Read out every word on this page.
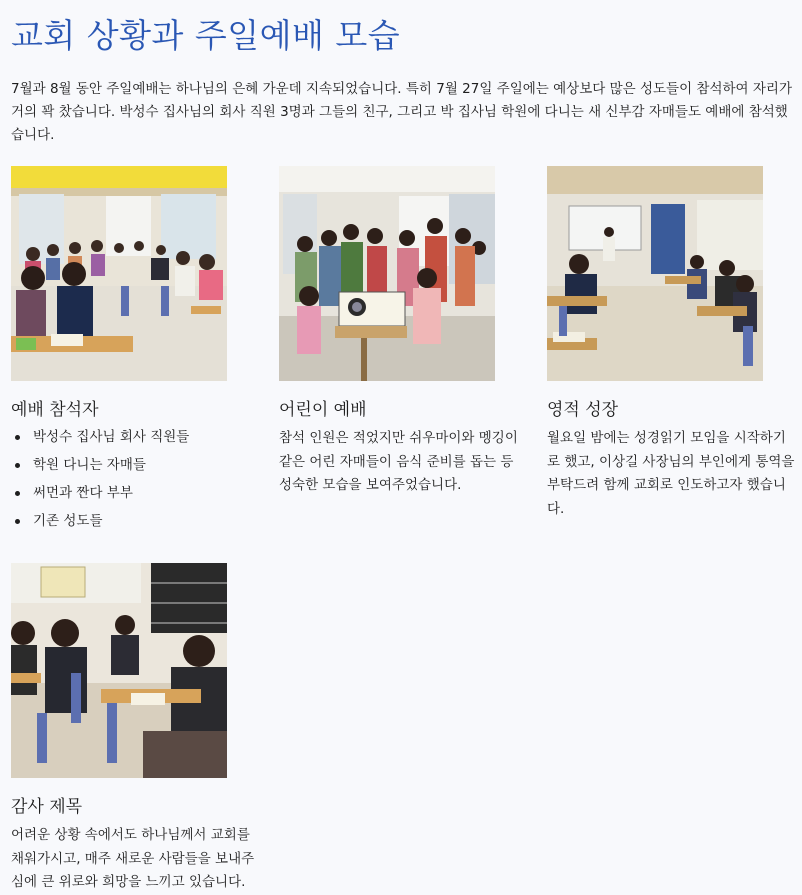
교회 상황과 주일예배 모습

7월과 8월 동안 주일예배는 하나님의 은혜 가운데 지속되었습니다. 특히 7월 27일 주일에는 예상보다 많은 성도들이 참석하여 자리가 거의 꽉 찼습니다. 박성수 집사님의 회사 직원 3명과 그들의 친구, 그리고 박 집사님 학원에 다니는 새 신부감 자매들도 예배에 참석했습니다.

예배 참석자
박성수 집사님 회사 직원들
학원 다니는 자매들
써먼과 짠다 부부
기존 성도들
어린이 예배

참석 인원은 적었지만 쉬우마이와 멩깅이 같은 어린 자매들이 음식 준비를 돕는 등 성숙한 모습을 보여주었습니다.

영적 성장

월요일 밤에는 성경읽기 모임을 시작하기로 했고, 이상길 사장님의 부인에게 통역을 부탁드려 함께 교회로 인도하고자 했습니다.

감사 제목

어려운 상황 속에서도 하나님께서 교회를 채워가시고, 매주 새로운 사람들을 보내주심에 큰 위로와 희망을 느끼고 있습니다.
